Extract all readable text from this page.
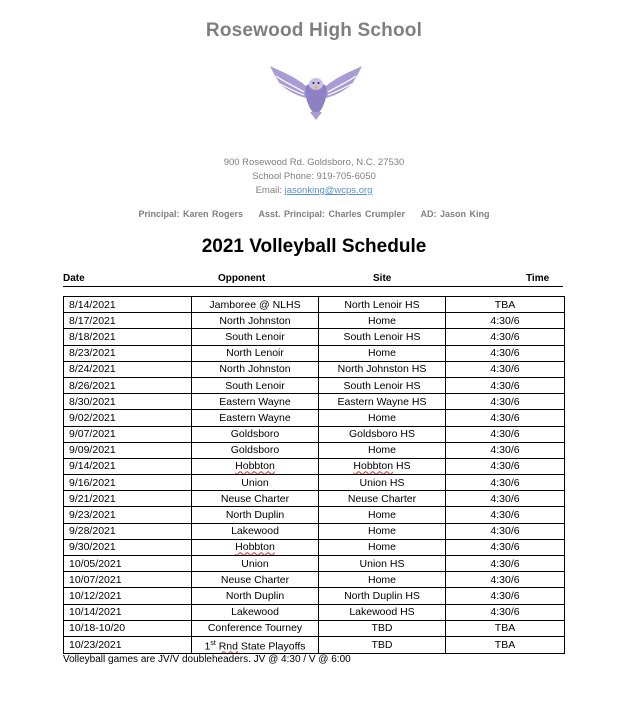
Rosewood High School
900 Rosewood Rd. Goldsboro, N.C. 27530
School Phone: 919-705-6050
Email: jasonking@wcps.org
Principal: Karen Rogers Asst. Principal: Charles Crumpler AD: Jason King
2021 Volleyball Schedule
Date	Opponent	Site	Time
8/14/2021	Jamboree @ NLHS	North Lenoir HS	TBA
8/17/2021	North Johnston	Home	4:30/6
8/18/2021	South Lenoir	South Lenoir HS	4:30/6
8/23/2021	North Lenoir	Home	4:30/6
8/24/2021	North Johnston	North Johnston HS	4:30/6
8/26/2021	South Lenoir	South Lenoir HS	4:30/6
8/30/2021	Eastern Wayne	Eastern Wayne HS	4:30/6
9/02/2021	Eastern Wayne	Home	4:30/6
9/07/2021	Goldsboro	Goldsboro HS	4:30/6
9/09/2021	Goldsboro	Home	4:30/6
9/14/2021	Hobbton	Hobbton HS	4:30/6
9/16/2021	Union	Union HS	4:30/6
9/21/2021	Neuse Charter	Neuse Charter	4:30/6
9/23/2021	North Duplin	Home	4:30/6
9/28/2021	Lakewood	Home	4:30/6
9/30/2021	Hobbton	Home	4:30/6
10/05/2021	Union	Union HS	4:30/6
10/07/2021	Neuse Charter	Home	4:30/6
10/12/2021	North Duplin	North Duplin HS	4:30/6
10/14/2021	Lakewood	Lakewood HS	4:30/6
10/18-10/20	Conference Tourney	TBD	TBA
10/23/2021	1st Rnd State Playoffs	TBD	TBA
Volleyball games are JV/V doubleheaders. JV @ 4:30 / V @ 6:00
